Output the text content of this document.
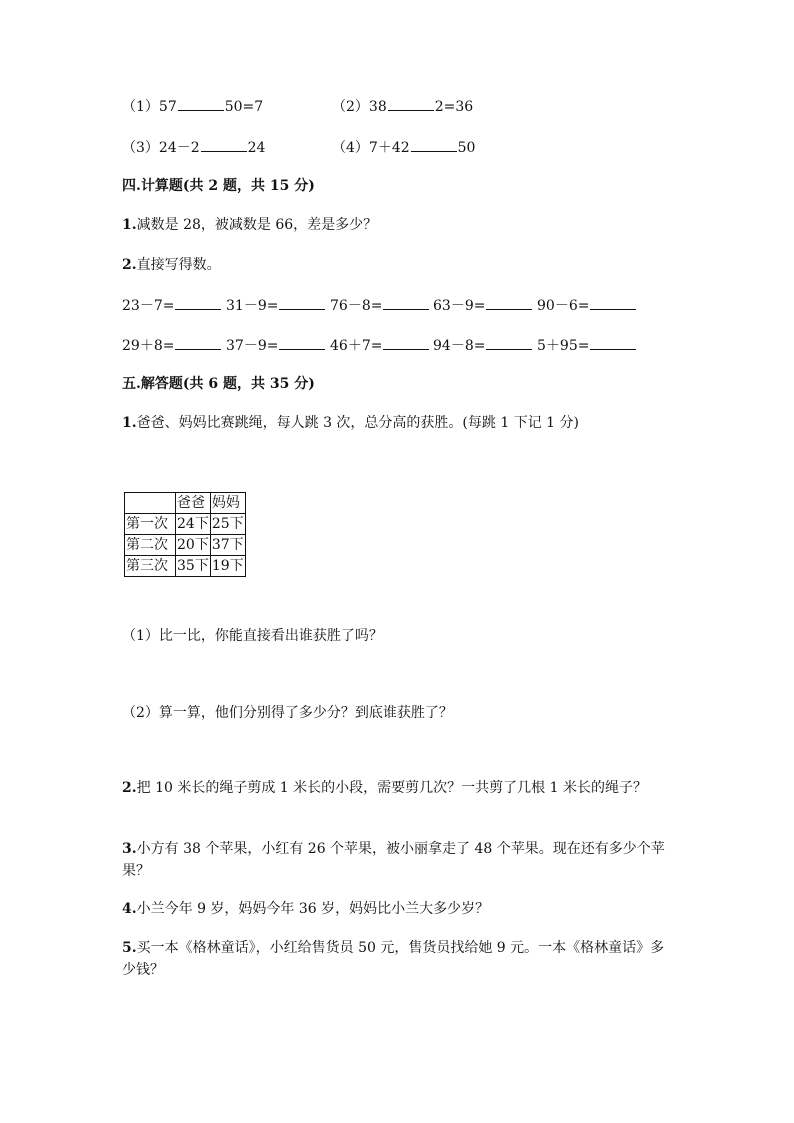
（1）57	50=7	（2）38	2=36
（3）24－2	24	（4）7＋42	50
四.计算题(共 2 题，共 15 分)
1.减数是 28，被减数是 66，差是多少？
2.直接写得数。
23－7=	31－9=	76－8=	63－9=	90－6=
29＋8=	37－9=	46＋7=	94－8=	5＋95=
五.解答题(共 6 题，共 35 分)
1.爸爸、妈妈比赛跳绳，每人跳 3 次，总分高的获胜。(每跳 1 下记 1 分)
	爸爸	妈妈
第一次	24下	25下
第二次	20下	37下
第三次	35下	19下
（1）比一比，你能直接看出谁获胜了吗？
（2）算一算，他们分别得了多少分？到底谁获胜了？
2.把 10 米长的绳子剪成 1 米长的小段，需要剪几次？一共剪了几根 1 米长的绳子？
3.小方有 38 个苹果，小红有 26 个苹果，被小丽拿走了 48 个苹果。现在还有多少个苹果？
4.小兰今年 9 岁，妈妈今年 36 岁，妈妈比小兰大多少岁？
5.买一本《格林童话》，小红给售货员 50 元，售货员找给她 9 元。一本《格林童话》多少钱？
